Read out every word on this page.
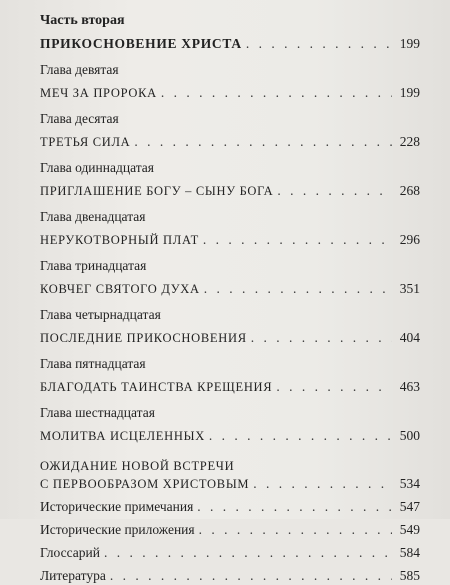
Часть вторая

ПРИКОСНОВЕНИЕ ХРИСТА . . .	199

Глава девятая

МЕЧ ЗА ПРОРОКА . . .	199

Глава десятая

ТРЕТЬЯ СИЛА . . .	228

Глава одиннадцатая

ПРИГЛАШЕНИЕ БОГУ – СЫНУ БОГА . . .	268

Глава двенадцатая

НЕРУКОТВОРНЫЙ ПЛАТ . . .	296

Глава тринадцатая

КОВЧЕГ СВЯТОГО ДУХА . . .	351

Глава четырнадцатая

ПОСЛЕДНИЕ ПРИКОСНОВЕНИЯ . . .	404

Глава пятнадцатая

БЛАГОДАТЬ ТАИНСТВА КРЕЩЕНИЯ . . .	463

Глава шестнадцатая

МОЛИТВА ИСЦЕЛЕННЫХ . . .	500

ОЖИДАНИЕ НОВОЙ ВСТРЕЧИ

С ПЕРВООБРАЗОМ ХРИСТОВЫМ . . .	534
Исторические примечания . . .	547
Исторические приложения . . .	549
Глоссарий . . .	584
Литература . . .	585
